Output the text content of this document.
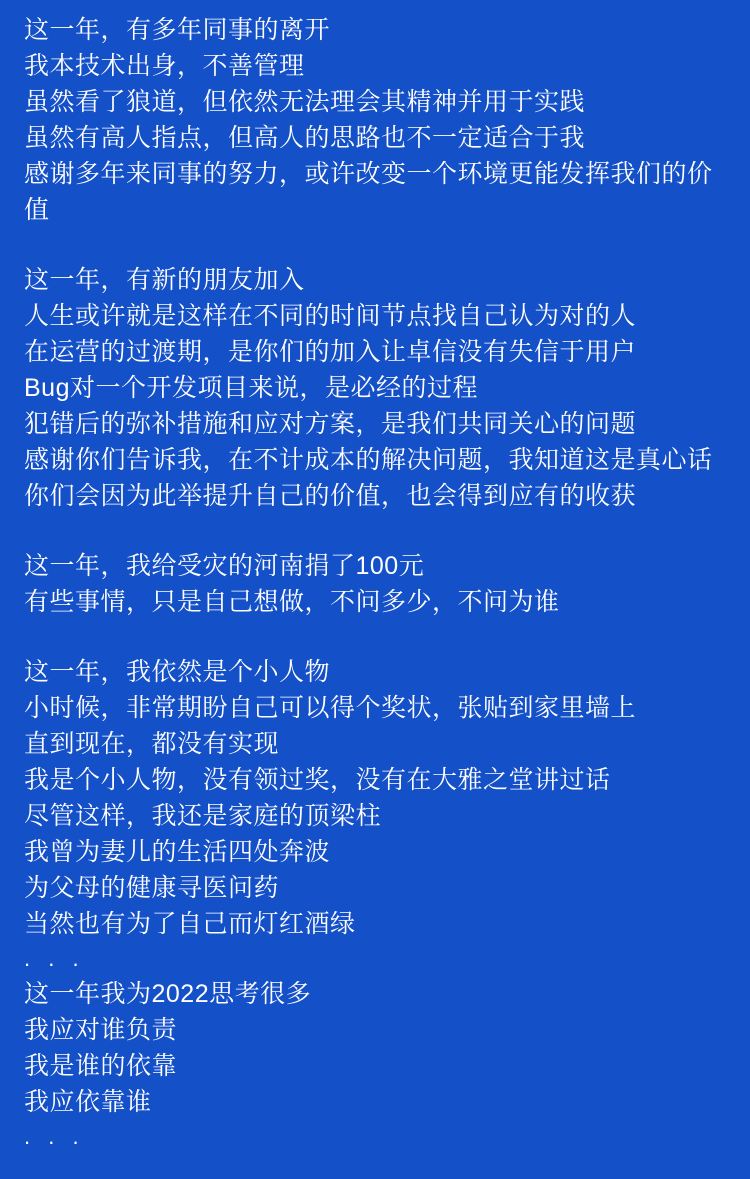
这一年，有多年同事的离开
我本技术出身，不善管理
虽然看了狼道，但依然无法理会其精神并用于实践
虽然有高人指点，但高人的思路也不一定适合于我
感谢多年来同事的努力，或许改变一个环境更能发挥我们的价值
这一年，有新的朋友加入
人生或许就是这样在不同的时间节点找自己认为对的人
在运营的过渡期，是你们的加入让卓信没有失信于用户
Bug对一个开发项目来说，是必经的过程
犯错后的弥补措施和应对方案，是我们共同关心的问题
感谢你们告诉我，在不计成本的解决问题，我知道这是真心话
你们会因为此举提升自己的价值，也会得到应有的收获
这一年，我给受灾的河南捐了100元
有些事情，只是自己想做，不问多少，不问为谁
这一年，我依然是个小人物
小时候，非常期盼自己可以得个奖状，张贴到家里墙上
直到现在，都没有实现
我是个小人物，没有领过奖，没有在大雅之堂讲过话
尽管这样，我还是家庭的顶梁柱
我曾为妻儿的生活四处奔波
为父母的健康寻医问药
当然也有为了自己而灯红酒绿
. . .
这一年我为2022思考很多
我应对谁负责
我是谁的依靠
我应依靠谁
. . .
